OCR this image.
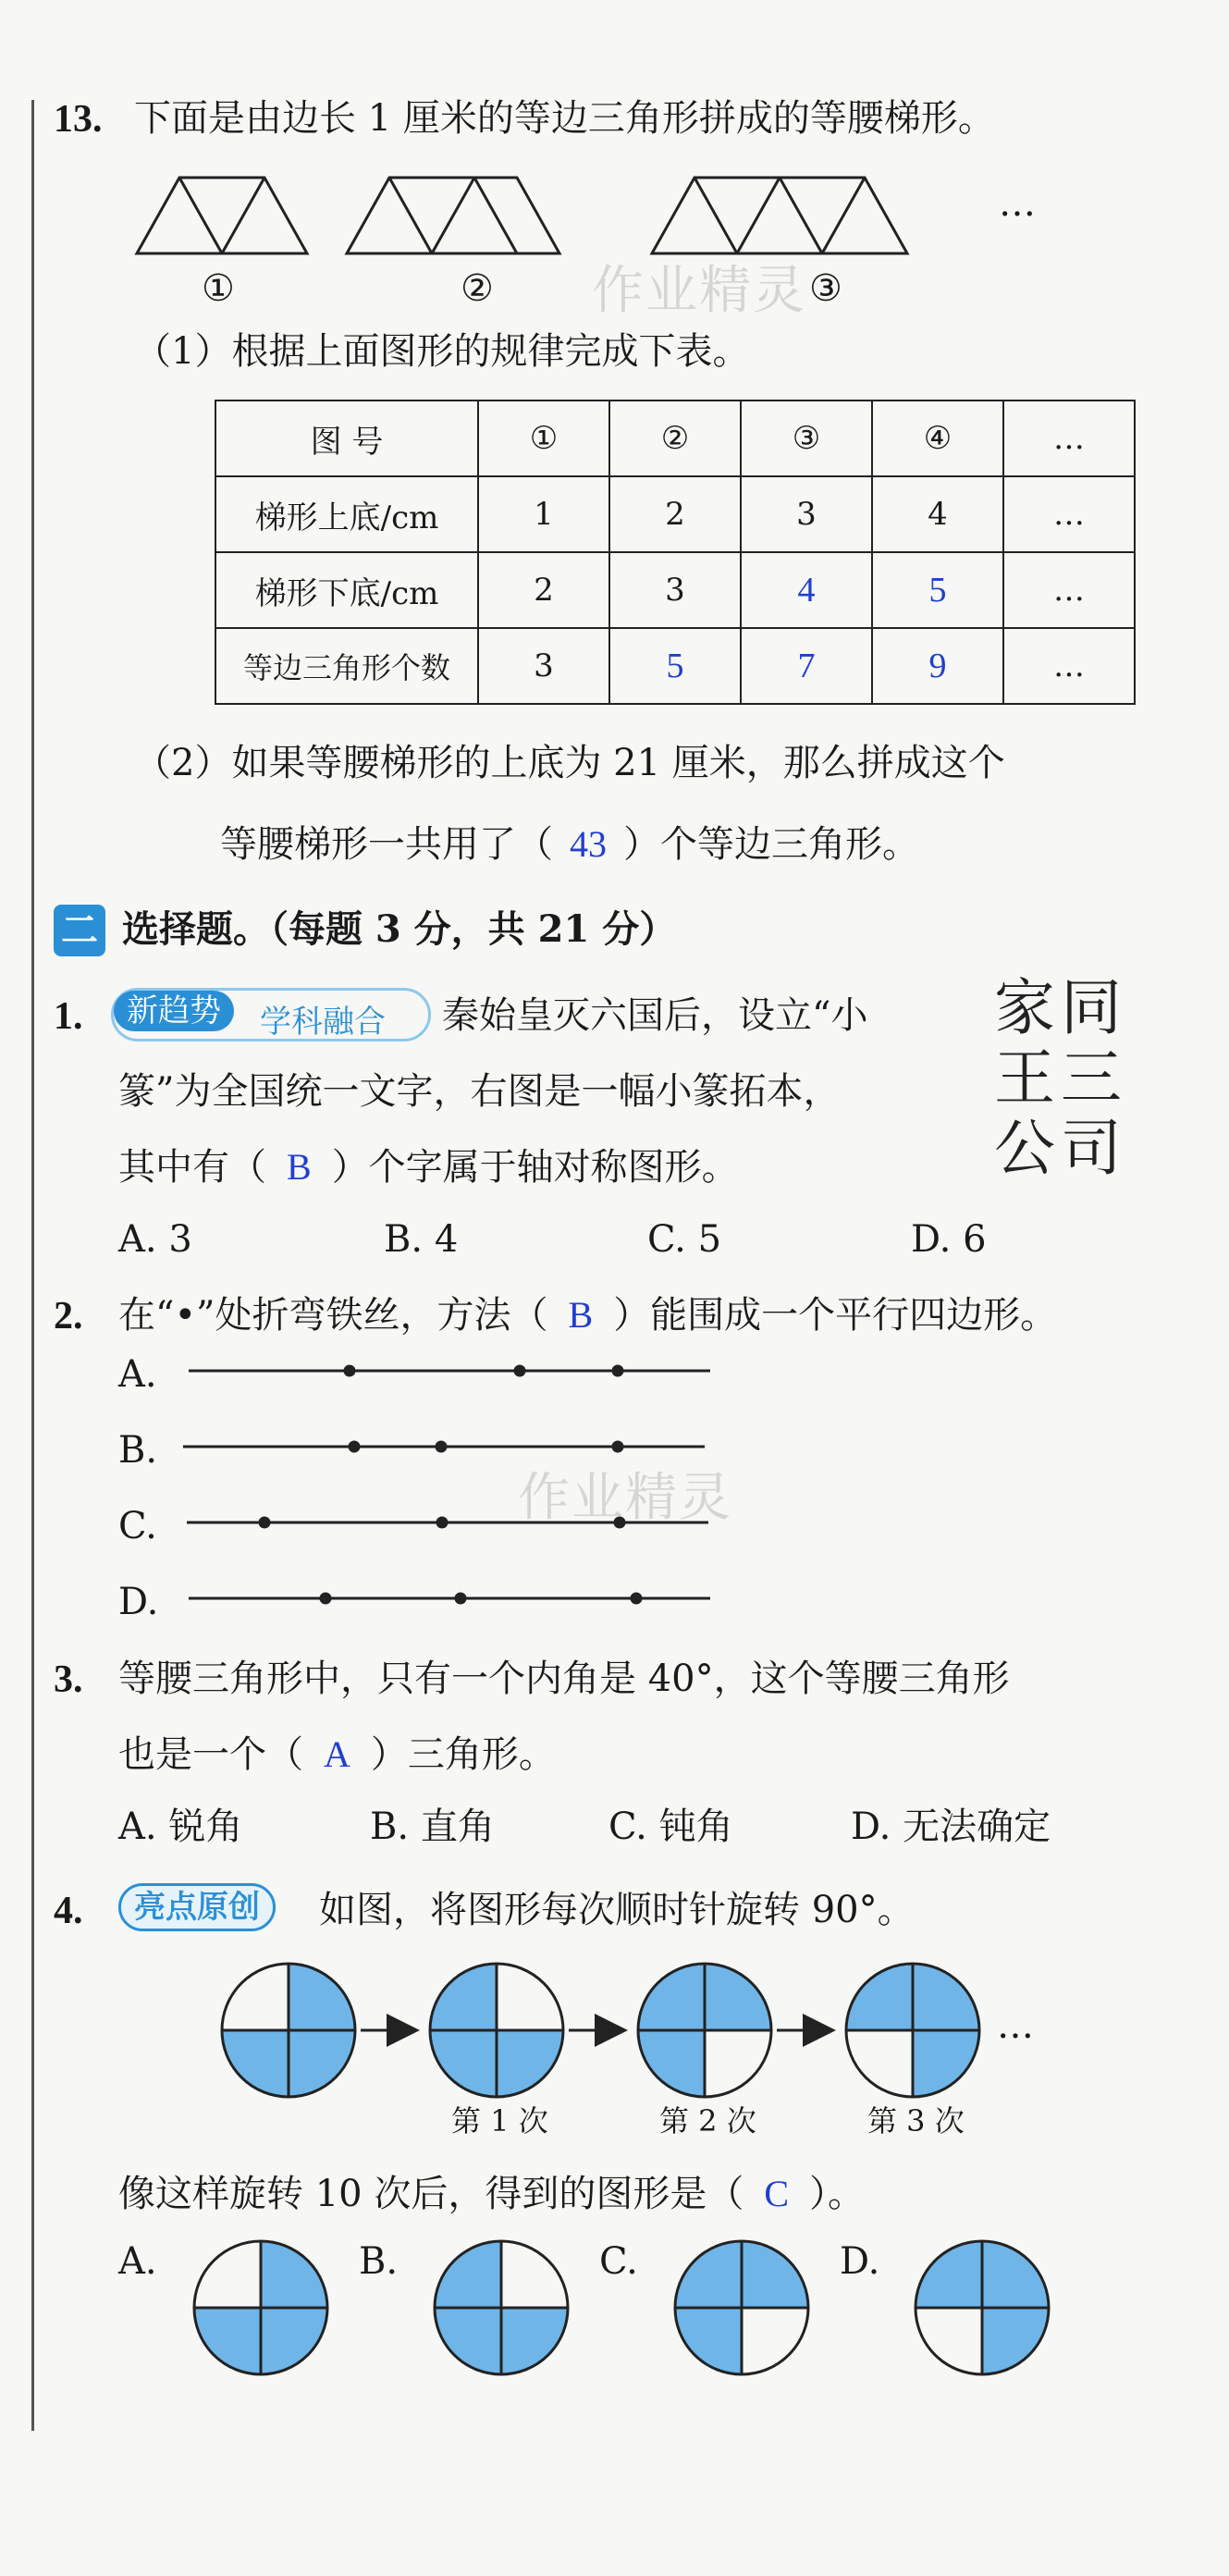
13. 下面是由边长 1 厘米的等边三角形拼成的等腰梯形。
…
①	②	③
作业精灵
（1）根据上面图形的规律完成下表。
图 号	①	②	③	④	…
梯形上底/cm	1	2	3	4	…
梯形下底/cm	2	3	4	5	…
等边三角形个数	3	5	7	9	…
（2）如果等腰梯形的上底为 21 厘米，那么拼成这个
等腰梯形一共用了（ 43 ）个等边三角形。
二 选择题。（每题 3 分，共 21 分）
1.	新趋势	学科融合 秦始皇灭六国后，设立“小
篆”为全国统一文字，右图是一幅小篆拓本，
其中有（ B ）个字属于轴对称图形。
同
三
司
家
王
公
A. 3	B. 4	C. 5	D. 6
2. 在“•”处折弯铁丝，方法（ B ）能围成一个平行四边形。
A.
B.
C.
D.
作业精灵
3. 等腰三角形中，只有一个内角是 40°，这个等腰三角形
也是一个（ A ）三角形。
A. 锐角	B. 直角	C. 钝角	D. 无法确定
4.	亮点原创	如图，将图形每次顺时针旋转 90°。
…
第 1 次	第 2 次	第 3 次
像这样旋转 10 次后，得到的图形是（ C ）。
A.	B.	C.	D.
